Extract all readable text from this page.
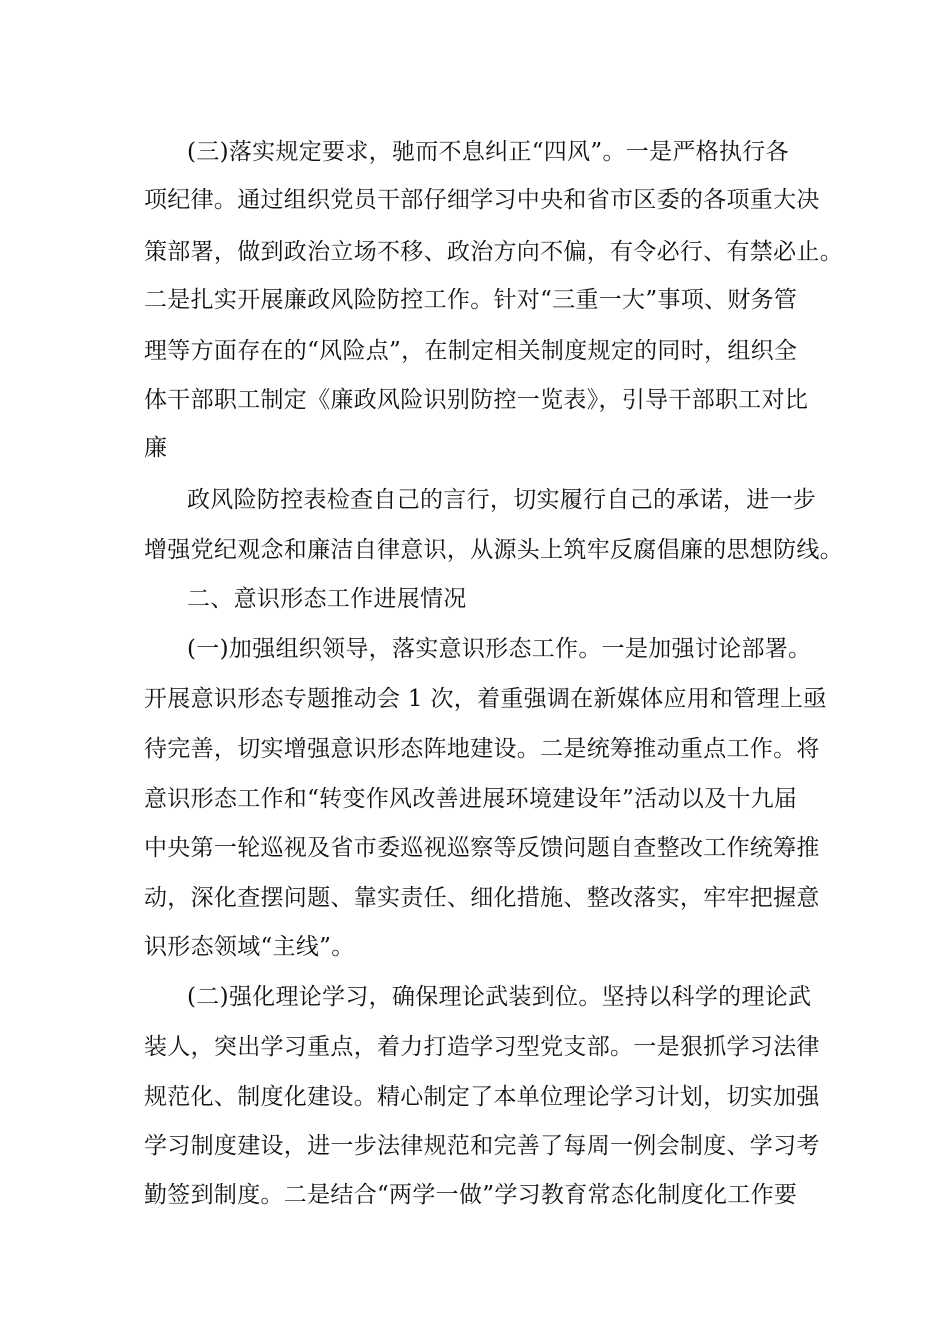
(三)落实规定要求，驰而不息纠正“四风”。一是严格执行各
项纪律。通过组织党员干部仔细学习中央和省市区委的各项重大决
策部署，做到政治立场不移、政治方向不偏，有令必行、有禁必止。
二是扎实开展廉政风险防控工作。针对“三重一大”事项、财务管
理等方面存在的“风险点”，在制定相关制度规定的同时，组织全
体干部职工制定《廉政风险识别防控一览表》，引导干部职工对比
廉
政风险防控表检查自己的言行，切实履行自己的承诺，进一步
增强党纪观念和廉洁自律意识，从源头上筑牢反腐倡廉的思想防线。
二、意识形态工作进展情况
(一)加强组织领导，落实意识形态工作。一是加强讨论部署。
开展意识形态专题推动会 1 次，着重强调在新媒体应用和管理上亟
待完善，切实增强意识形态阵地建设。二是统筹推动重点工作。将
意识形态工作和“转变作风改善进展环境建设年”活动以及十九届
中央第一轮巡视及省市委巡视巡察等反馈问题自查整改工作统筹推
动，深化查摆问题、靠实责任、细化措施、整改落实，牢牢把握意
识形态领域“主线”。
(二)强化理论学习，确保理论武装到位。坚持以科学的理论武
装人，突出学习重点，着力打造学习型党支部。一是狠抓学习法律
规范化、制度化建设。精心制定了本单位理论学习计划，切实加强
学习制度建设，进一步法律规范和完善了每周一例会制度、学习考
勤签到制度。二是结合“两学一做”学习教育常态化制度化工作要
